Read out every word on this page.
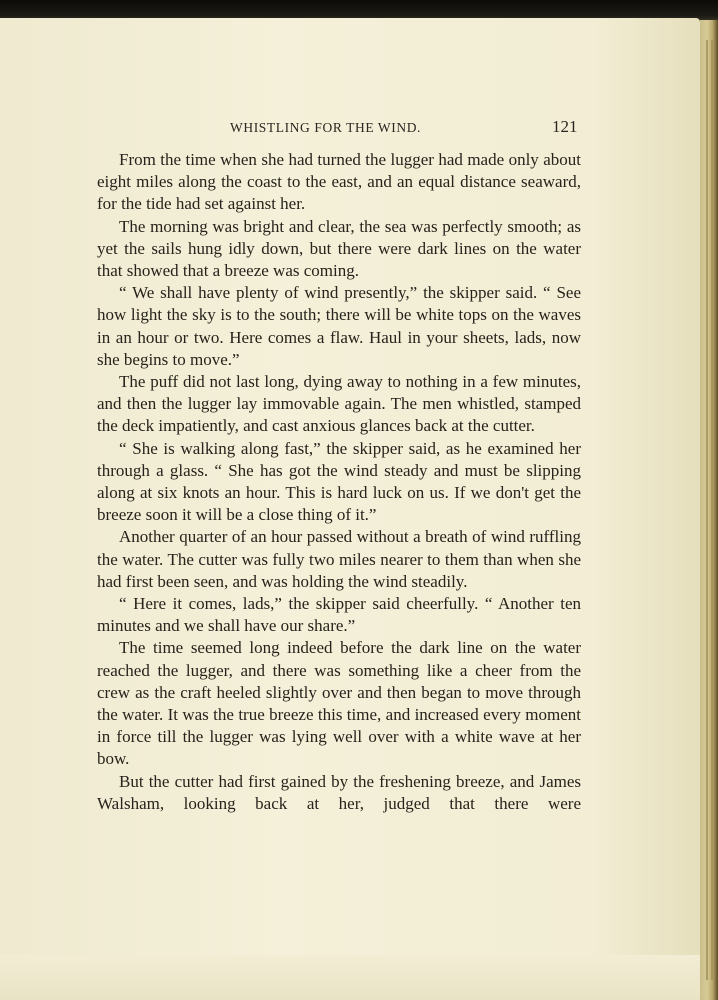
WHISTLING FOR THE WIND.	121

From the time when she had turned the lugger had made only about eight miles along the coast to the east, and an equal distance seaward, for the tide had set against her.

The morning was bright and clear, the sea was perfectly smooth; as yet the sails hung idly down, but there were dark lines on the water that showed that a breeze was coming.

“ We shall have plenty of wind presently,” the skipper said. “ See how light the sky is to the south; there will be white tops on the waves in an hour or two. Here comes a flaw. Haul in your sheets, lads, now she begins to move.”

The puff did not last long, dying away to nothing in a few minutes, and then the lugger lay immovable again. The men whistled, stamped the deck impatiently, and cast anxious glances back at the cutter.

“ She is walking along fast,” the skipper said, as he examined her through a glass. “ She has got the wind steady and must be slipping along at six knots an hour. This is hard luck on us. If we don't get the breeze soon it will be a close thing of it.”

Another quarter of an hour passed without a breath of wind ruffling the water. The cutter was fully two miles nearer to them than when she had first been seen, and was holding the wind steadily.

“ Here it comes, lads,” the skipper said cheerfully. “ Another ten minutes and we shall have our share.”

The time seemed long indeed before the dark line on the water reached the lugger, and there was something like a cheer from the crew as the craft heeled slightly over and then began to move through the water. It was the true breeze this time, and increased every moment in force till the lugger was lying well over with a white wave at her bow.

But the cutter had first gained by the freshening breeze, and James Walsham, looking back at her, judged that there were
